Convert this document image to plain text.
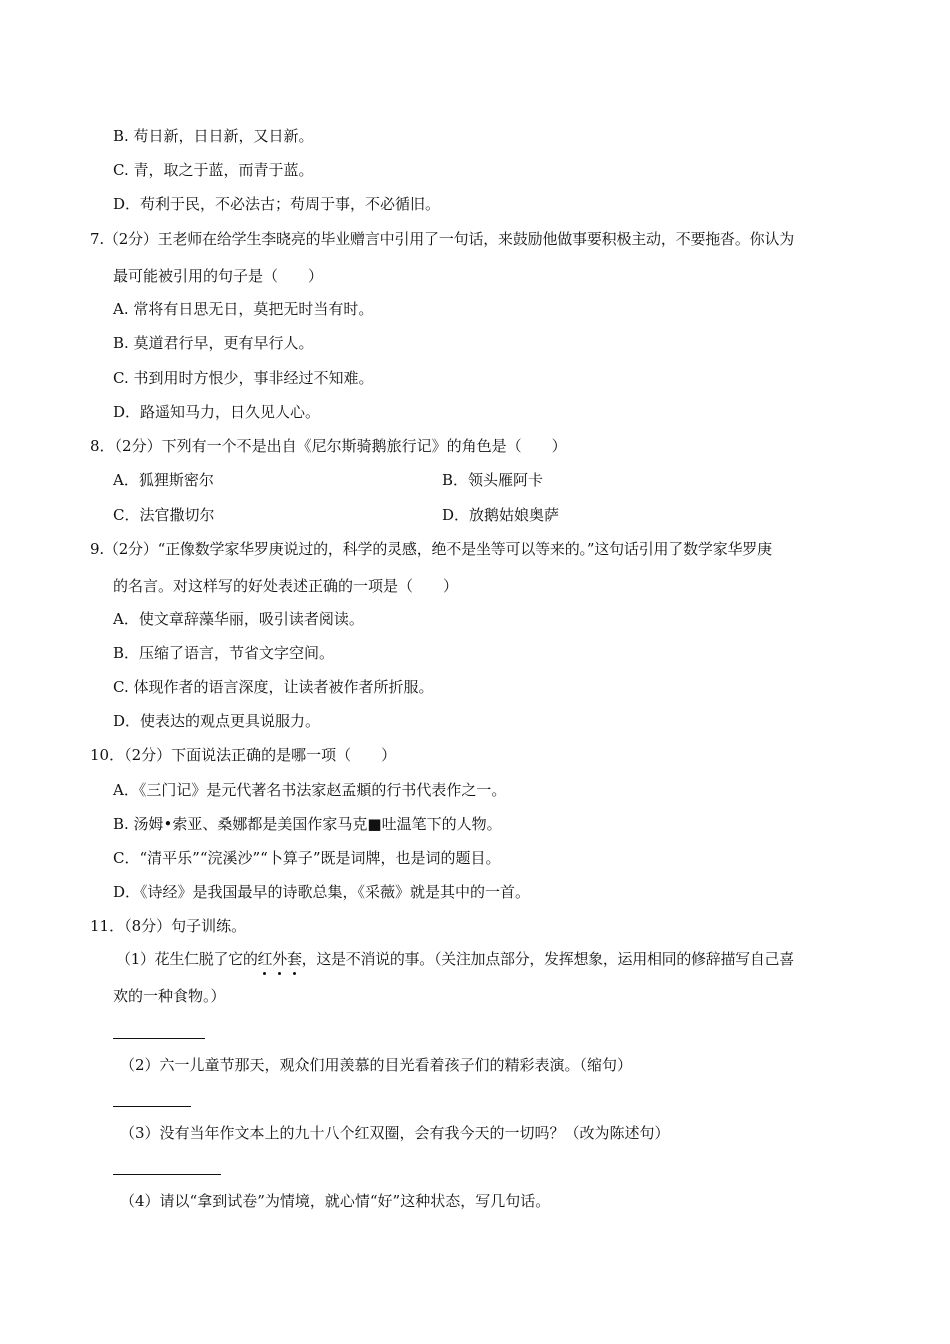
B. 苟日新，日日新，又日新。
C. 青，取之于蓝，而青于蓝。
D．苟利于民，不必法古；苟周于事，不必循旧。
7.（2分）王老师在给学生李晓亮的毕业赠言中引用了一句话，来鼓励他做事要积极主动，不要拖沓。你认为
最可能被引用的句子是（　　）
A. 常将有日思无日，莫把无时当有时。
B. 莫道君行早，更有早行人。
C. 书到用时方恨少，事非经过不知难。
D．路遥知马力，日久见人心。
8．（2分）下列有一个不是出自《尼尔斯骑鹅旅行记》的角色是（　　）
A．狐狸斯密尔	B．领头雁阿卡
C．法官撒切尔	D．放鹅姑娘奥萨
9.（2分）“正像数学家华罗庚说过的，科学的灵感，绝不是坐等可以等来的。”这句话引用了数学家华罗庚
的名言。对这样写的好处表述正确的一项是（　　）
A．使文章辞藻华丽，吸引读者阅读。
B．压缩了语言，节省文字空间。
C. 体现作者的语言深度，让读者被作者所折服。
D．使表达的观点更具说服力。
10．（2分）下面说法正确的是哪一项（　　）
A．《三门记》是元代著名书法家赵孟頫的行书代表作之一。
B. 汤姆•索亚、桑娜都是美国作家马克■吐温笔下的人物。
C．“清平乐”“浣溪沙”“卜算子”既是词牌，也是词的题目。
D．《诗经》是我国最早的诗歌总集，《采薇》就是其中的一首。
11．（8分）句子训练。
（1）花生仁脱了它的红外套，这是不消说的事。（关注加点部分，发挥想象，运用相同的修辞描写自己喜
欢的一种食物。）
（2）六一儿童节那天，观众们用羡慕的目光看着孩子们的精彩表演。（缩句）
（3）没有当年作文本上的九十八个红双圈，会有我今天的一切吗？（改为陈述句）
（4）请以“拿到试卷”为情境，就心情“好”这种状态，写几句话。
